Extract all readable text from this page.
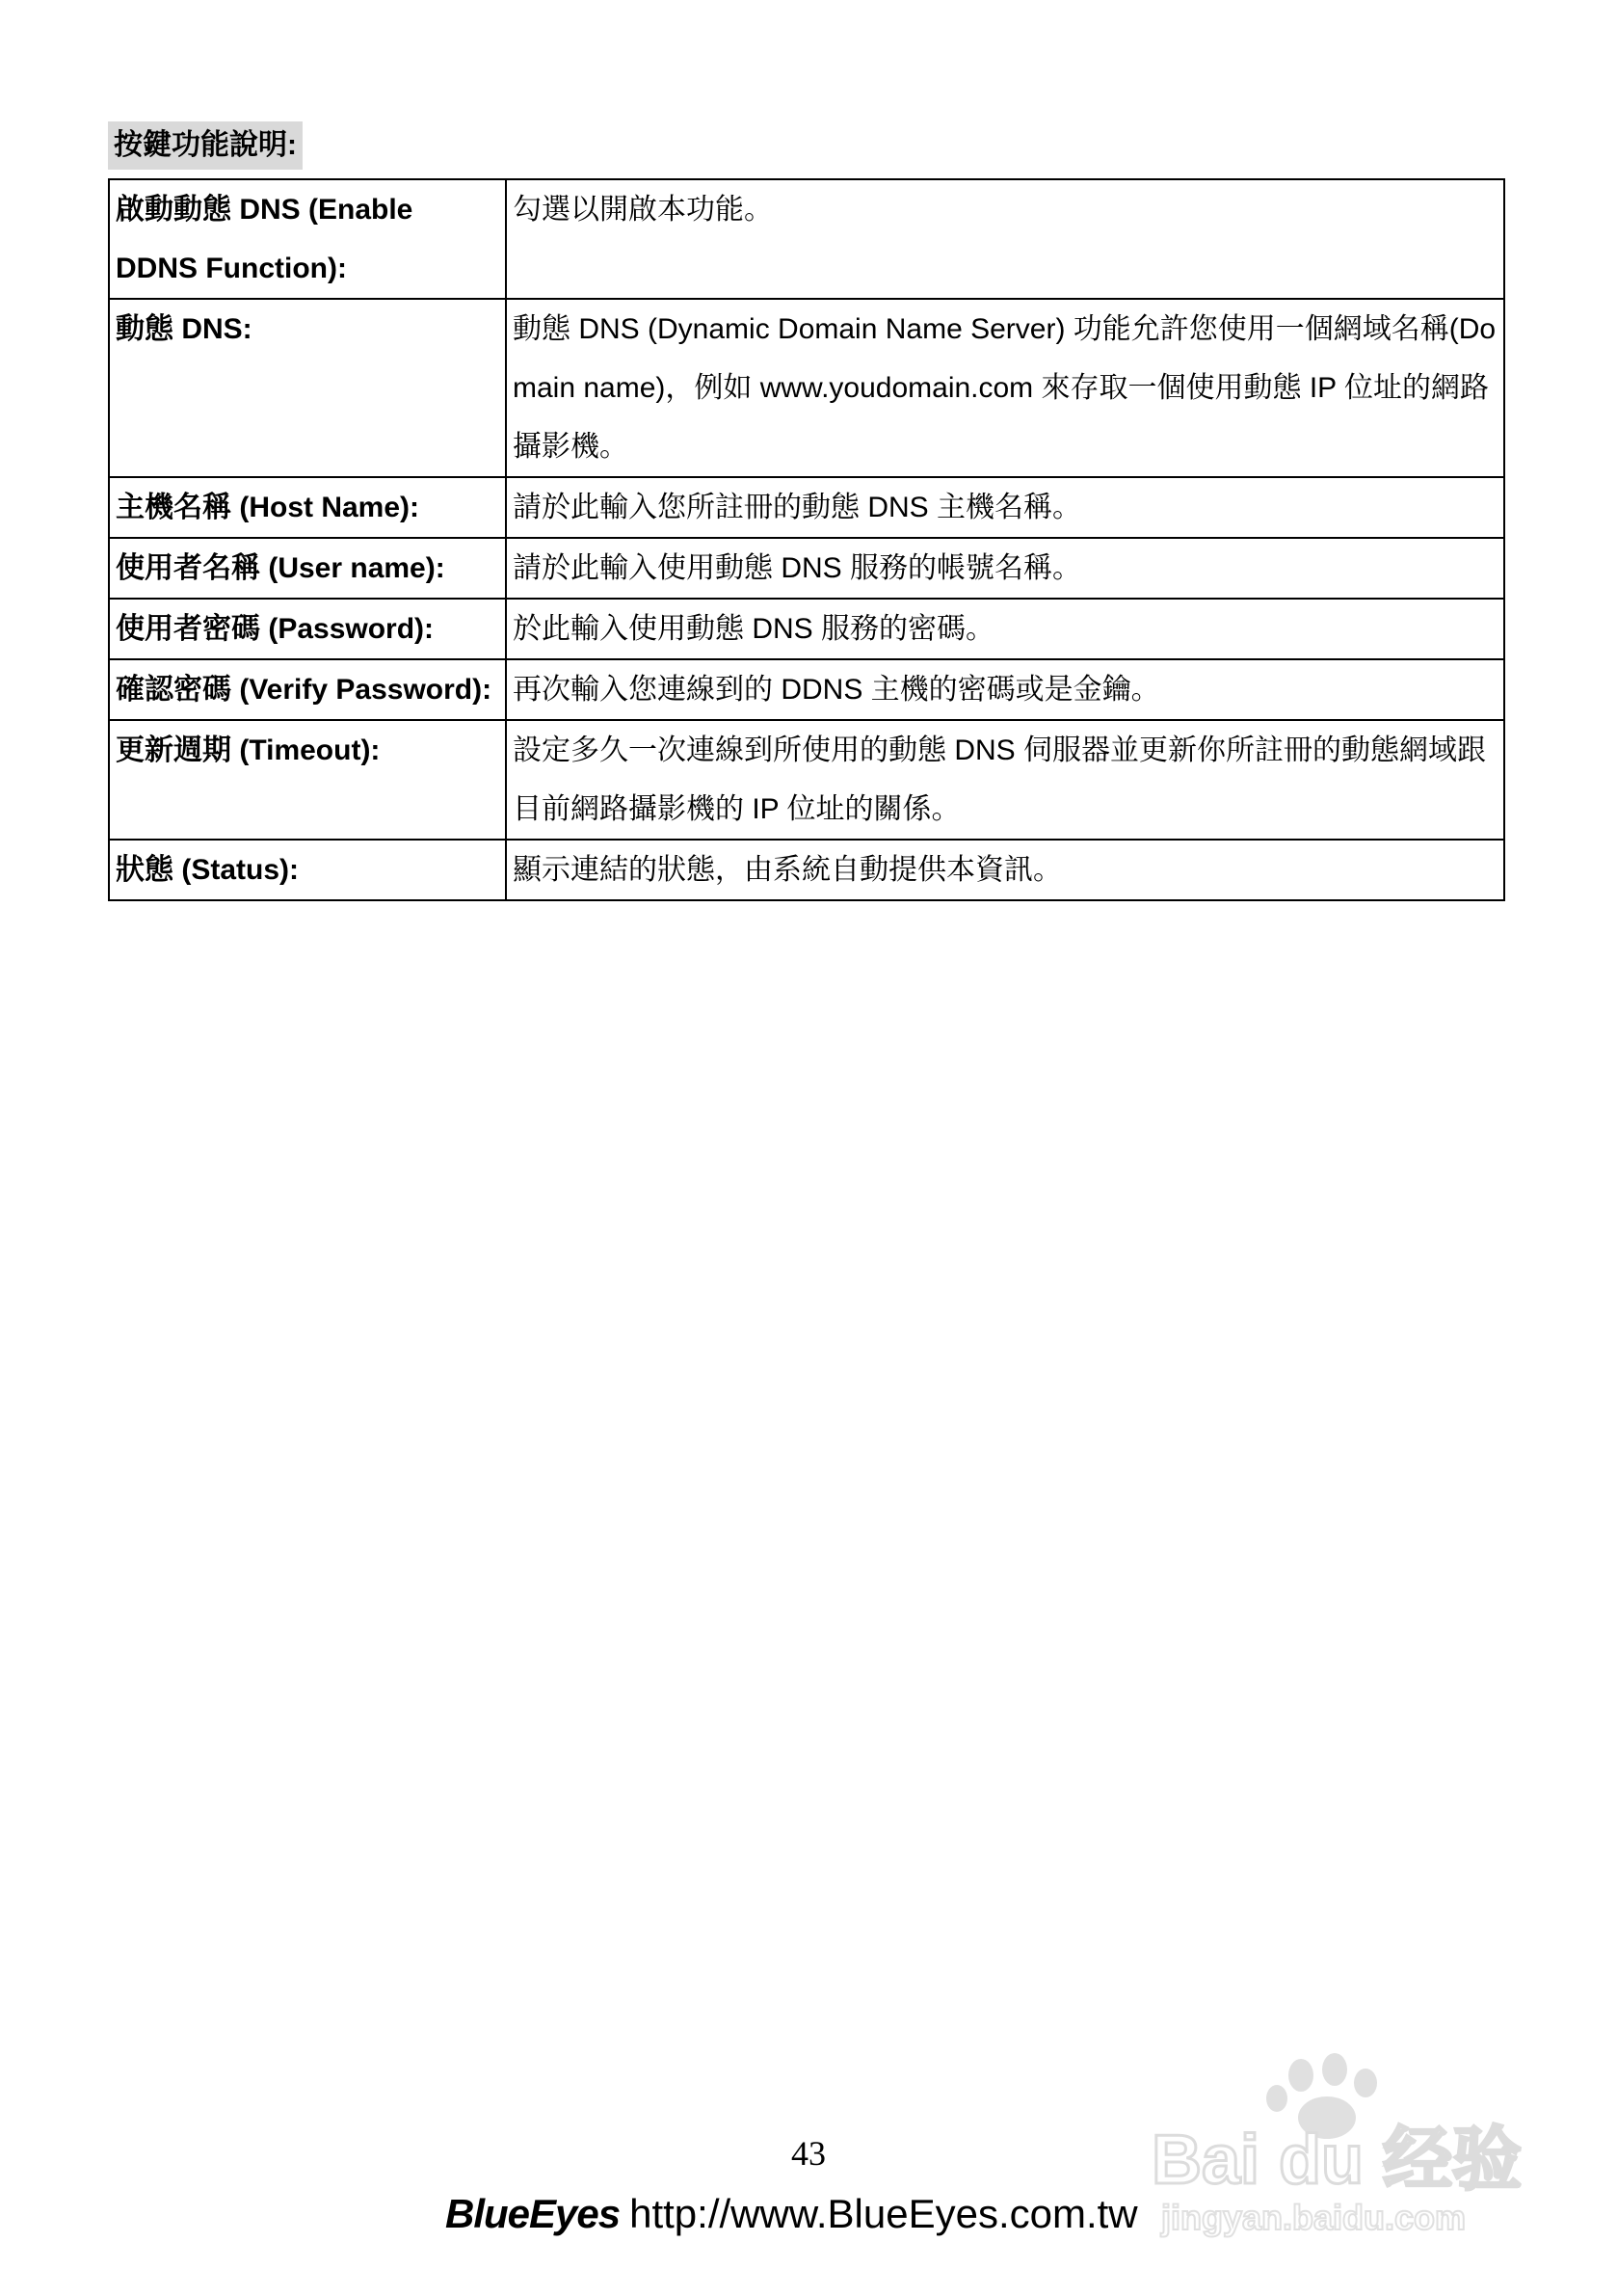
按鍵功能說明:
啟動動態 DNS (Enable DDNS Function):	勾選以開啟本功能。
動態 DNS:	動態 DNS (Dynamic Domain Name Server) 功能允許您使用一個網域名稱(Domain name)，例如 www.youdomain.com 來存取一個使用動態 IP 位址的網路攝影機。
主機名稱 (Host Name):	請於此輸入您所註冊的動態 DNS 主機名稱。
使用者名稱 (User name):	請於此輸入使用動態 DNS 服務的帳號名稱。
使用者密碼 (Password):	於此輸入使用動態 DNS 服務的密碼。
確認密碼 (Verify Password):	再次輸入您連線到的 DDNS 主機的密碼或是金鑰。
更新週期 (Timeout):	設定多久一次連線到所使用的動態 DNS 伺服器並更新你所註冊的動態網域跟目前網路攝影機的 IP 位址的關係。
狀態 (Status):	顯示連結的狀態，由系統自動提供本資訊。
43
BlueEyes http://www.BlueEyes.com.tw
Bai du 经验
jingyan.baidu.com
